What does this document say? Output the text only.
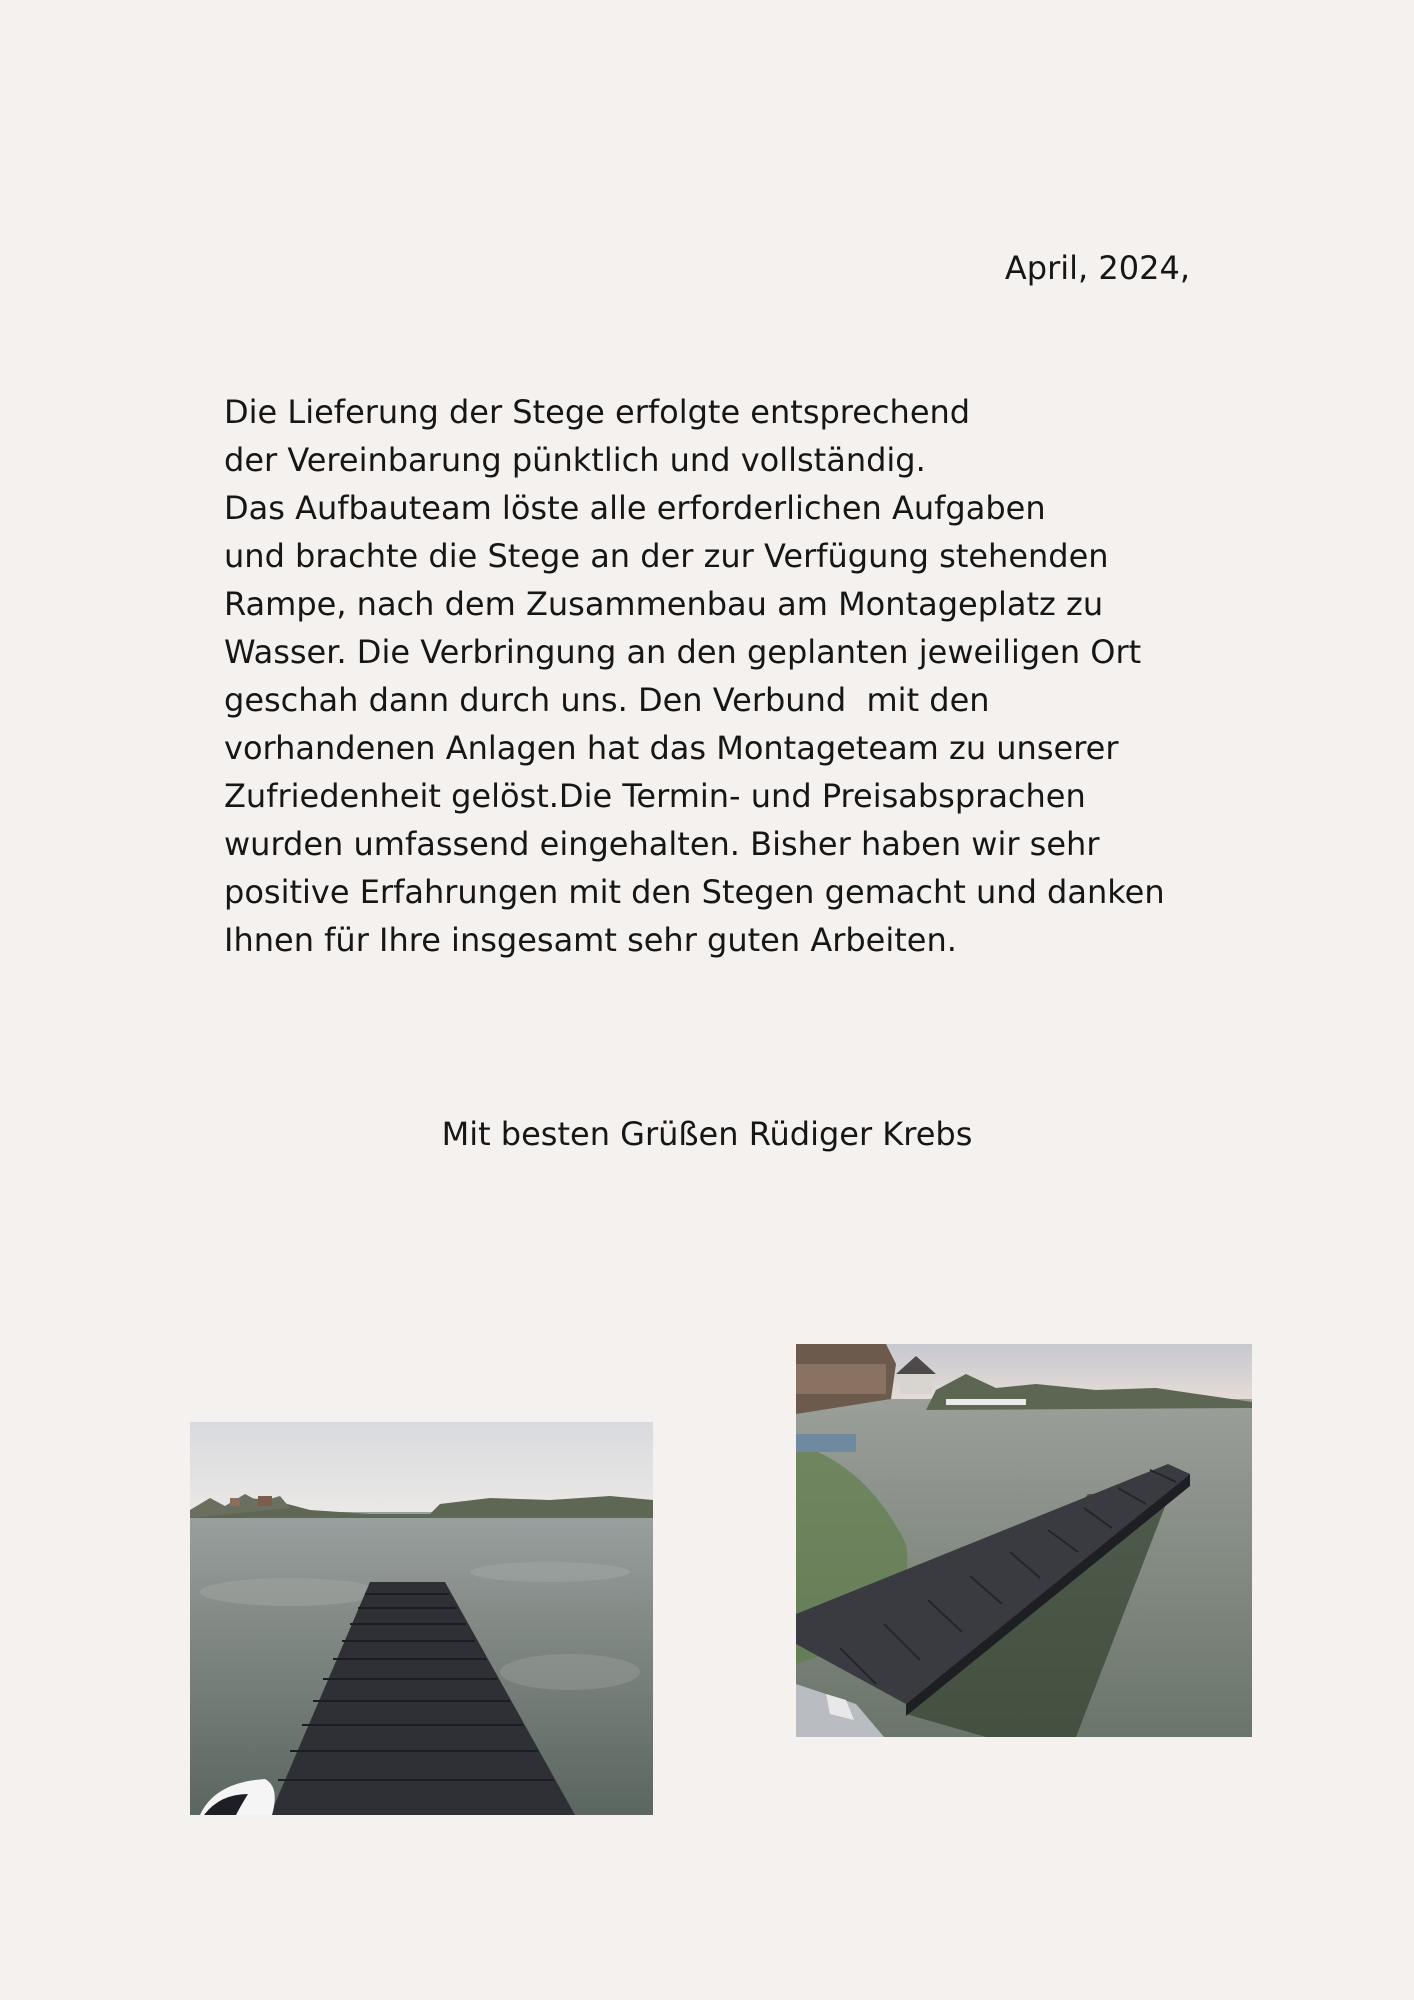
April, 2024,
Die Lieferung der Stege erfolgte entsprechend
der Vereinbarung pünktlich und vollständig.
Das Aufbauteam löste alle erforderlichen Aufgaben
und brachte die Stege an der zur Verfügung stehenden
Rampe, nach dem Zusammenbau am Montageplatz zu
Wasser. Die Verbringung an den geplanten jeweiligen Ort
geschah dann durch uns. Den Verbund  mit den
vorhandenen Anlagen hat das Montageteam zu unserer
Zufriedenheit gelöst.Die Termin- und Preisabsprachen
wurden umfassend eingehalten. Bisher haben wir sehr
positive Erfahrungen mit den Stegen gemacht und danken
Ihnen für Ihre insgesamt sehr guten Arbeiten.
Mit besten Grüßen Rüdiger Krebs
